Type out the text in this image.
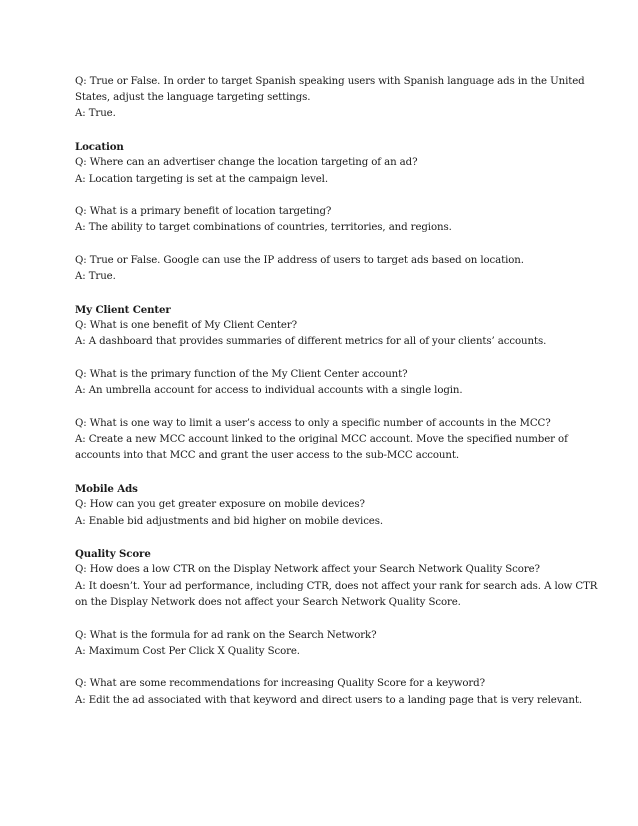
Q: True or False. In order to target Spanish speaking users with Spanish language ads in the United States, adjust the language targeting settings.
A: True.
Location
Q: Where can an advertiser change the location targeting of an ad?
A: Location targeting is set at the campaign level.
Q: What is a primary benefit of location targeting?
A: The ability to target combinations of countries, territories, and regions.
Q: True or False. Google can use the IP address of users to target ads based on location.
A: True.
My Client Center
Q: What is one benefit of My Client Center?
A: A dashboard that provides summaries of different metrics for all of your clients’ accounts.
Q: What is the primary function of the My Client Center account?
A: An umbrella account for access to individual accounts with a single login.
Q: What is one way to limit a user’s access to only a specific number of accounts in the MCC?
A: Create a new MCC account linked to the original MCC account. Move the specified number of accounts into that MCC and grant the user access to the sub-MCC account.
Mobile Ads
Q: How can you get greater exposure on mobile devices?
A: Enable bid adjustments and bid higher on mobile devices.
Quality Score
Q: How does a low CTR on the Display Network affect your Search Network Quality Score?
A: It doesn’t. Your ad performance, including CTR, does not affect your rank for search ads. A low CTR on the Display Network does not affect your Search Network Quality Score.
Q: What is the formula for ad rank on the Search Network?
A: Maximum Cost Per Click X Quality Score.
Q: What are some recommendations for increasing Quality Score for a keyword?
A: Edit the ad associated with that keyword and direct users to a landing page that is very relevant.
